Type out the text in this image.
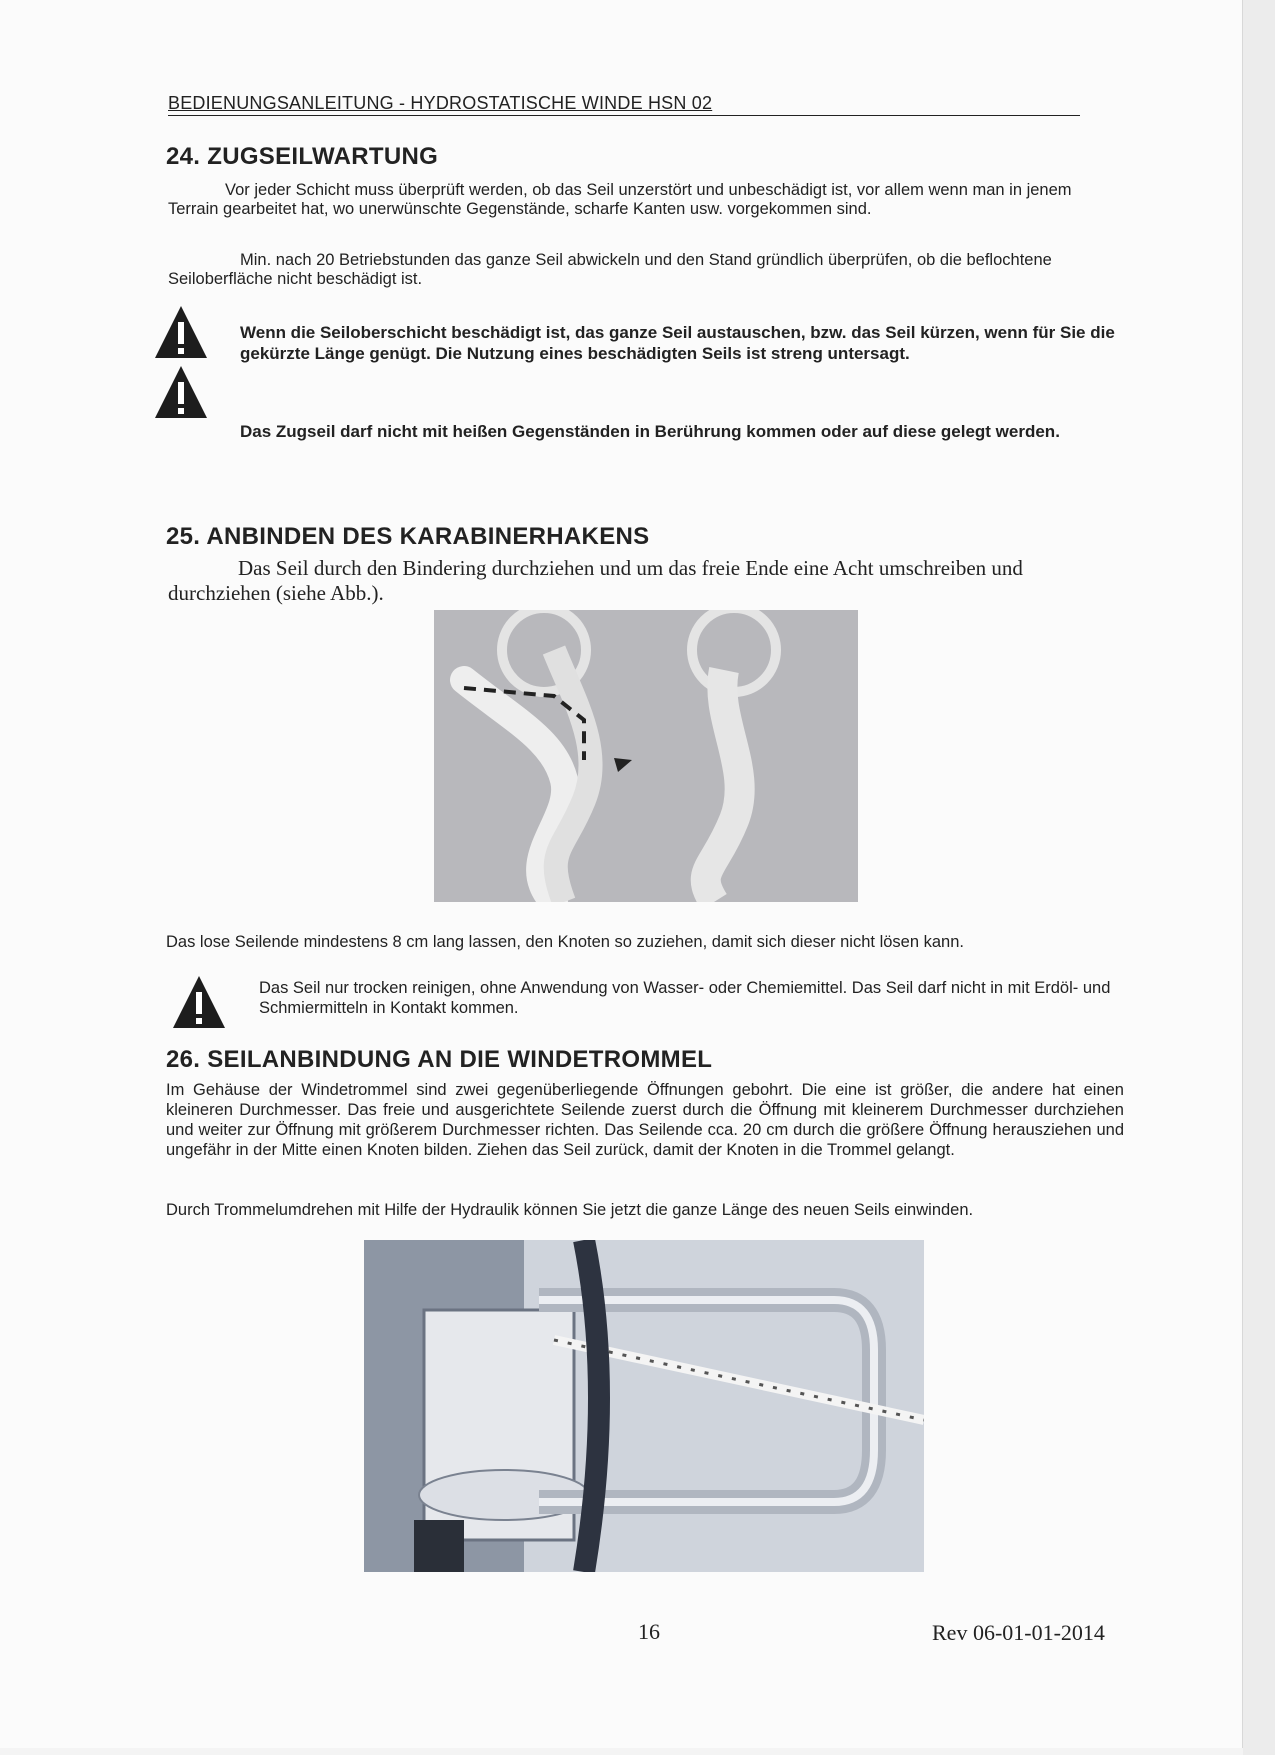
BEDIENUNGSANLEITUNG - HYDROSTATISCHE WINDE HSN 02
24. ZUGSEILWARTUNG

Vor jeder Schicht muss überprüft werden, ob das Seil unzerstört und unbeschädigt ist, vor allem wenn man in jenem Terrain gearbeitet hat, wo unerwünschte Gegenstände, scharfe Kanten usw. vorgekommen sind.

Min. nach 20 Betriebstunden das ganze Seil abwickeln und den Stand gründlich überprüfen, ob die beflochtene Seiloberfläche nicht beschädigt ist.

Wenn die Seiloberschicht beschädigt ist, das ganze Seil austauschen, bzw. das Seil kürzen, wenn für Sie die gekürzte Länge genügt. Die Nutzung eines beschädigten Seils ist streng untersagt.

Das Zugseil darf nicht mit heißen Gegenständen in Berührung kommen oder auf diese gelegt werden.

25. ANBINDEN DES KARABINERHAKENS

Das Seil durch den Bindering durchziehen und um das freie Ende eine Acht umschreiben und durchziehen (siehe Abb.).

Das lose Seilende mindestens 8 cm lang lassen, den Knoten so zuziehen, damit sich dieser nicht lösen kann.

Das Seil nur trocken reinigen, ohne Anwendung von Wasser- oder Chemiemittel. Das Seil darf nicht in mit Erdöl- und Schmiermitteln in Kontakt kommen.

26. SEILANBINDUNG AN DIE WINDETROMMEL

Im Gehäuse der Windetrommel sind zwei gegenüberliegende Öffnungen gebohrt. Die eine ist größer, die andere hat einen kleineren Durchmesser. Das freie und ausgerichtete Seilende zuerst durch die Öffnung mit kleinerem Durchmesser durchziehen und weiter zur Öffnung mit größerem Durchmesser richten. Das Seilende cca. 20 cm durch die größere Öffnung herausziehen und ungefähr in der Mitte einen Knoten bilden. Ziehen das Seil zurück, damit der Knoten in die Trommel gelangt.

Durch Trommelumdrehen mit Hilfe der Hydraulik können Sie jetzt die ganze Länge des neuen Seils einwinden.

16	Rev 06-01-01-2014
